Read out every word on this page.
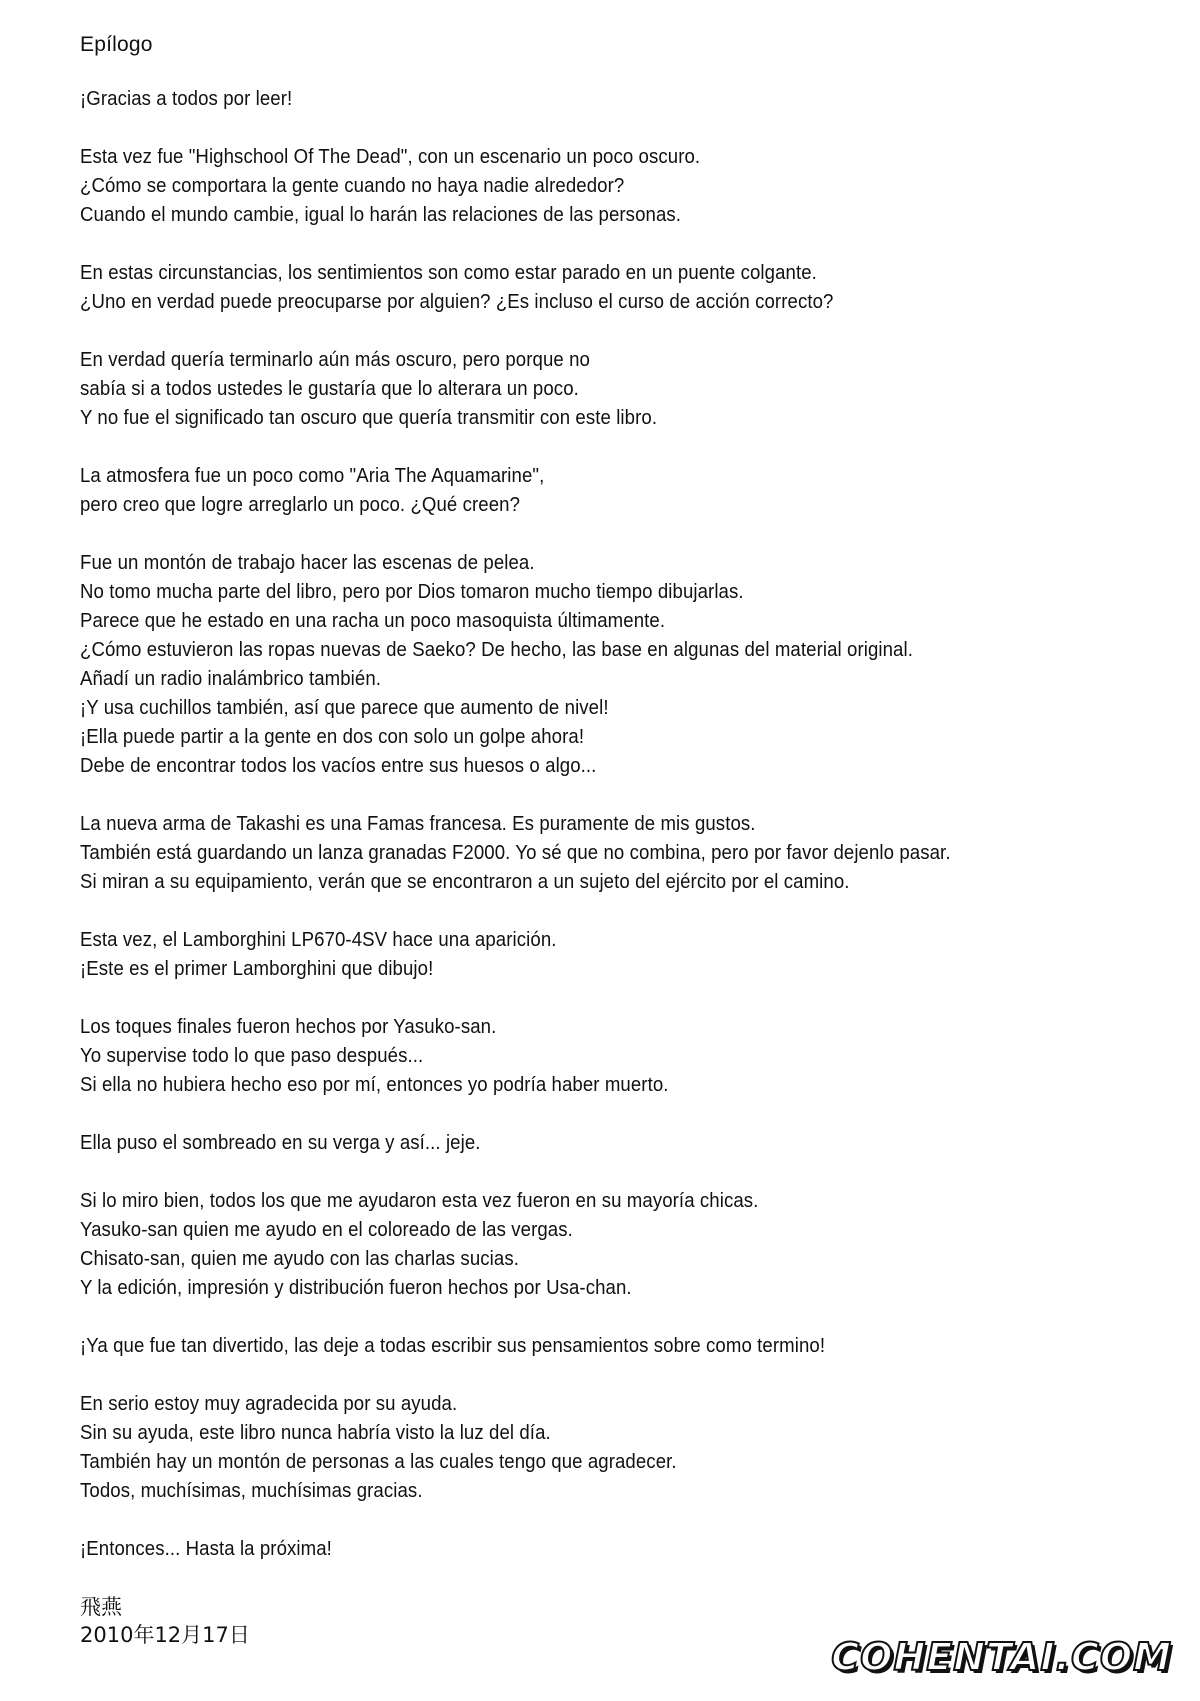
Epílogo
¡Gracias a todos por leer!
Esta vez fue "Highschool Of The Dead", con un escenario un poco oscuro.
¿Cómo se comportara la gente cuando no haya nadie alrededor?
Cuando el mundo cambie, igual lo harán las relaciones de las personas.
En estas circunstancias, los sentimientos son como estar parado en un puente colgante.
¿Uno en verdad puede preocuparse por alguien? ¿Es incluso el curso de acción correcto?
En verdad quería terminarlo aún más oscuro, pero porque no
sabía si a todos ustedes le gustaría que lo alterara un poco.
Y no fue el significado tan oscuro que quería transmitir con este libro.
La atmosfera fue un poco como "Aria The Aquamarine",
pero creo que logre arreglarlo un poco. ¿Qué creen?
Fue un montón de trabajo hacer las escenas de pelea.
No tomo mucha parte del libro, pero por Dios tomaron mucho tiempo dibujarlas.
Parece que he estado en una racha un poco masoquista últimamente.
¿Cómo estuvieron las ropas nuevas de Saeko? De hecho, las base en algunas del material original.
Añadí un radio inalámbrico también.
¡Y usa cuchillos también, así que parece que aumento de nivel!
¡Ella puede partir a la gente en dos con solo un golpe ahora!
Debe de encontrar todos los vacíos entre sus huesos o algo...
La nueva arma de Takashi es una Famas francesa. Es puramente de mis gustos.
También está guardando un lanza granadas F2000. Yo sé que no combina, pero por favor dejenlo pasar.
Si miran a su equipamiento, verán que se encontraron a un sujeto del ejército por el camino.
Esta vez, el Lamborghini LP670-4SV hace una aparición.
¡Este es el primer Lamborghini que dibujo!
Los toques finales fueron hechos por Yasuko-san.
Yo supervise todo lo que paso después...
Si ella no hubiera hecho eso por mí, entonces yo podría haber muerto.
Ella puso el sombreado en su verga y así... jeje.
Si lo miro bien, todos los que me ayudaron esta vez fueron en su mayoría chicas.
Yasuko-san quien me ayudo en el coloreado de las vergas.
Chisato-san, quien me ayudo con las charlas sucias.
Y la edición, impresión y distribución fueron hechos por Usa-chan.
¡Ya que fue tan divertido, las deje a todas escribir sus pensamientos sobre como termino!
En serio estoy muy agradecida por su ayuda.
Sin su ayuda, este libro nunca habría visto la luz del día.
También hay un montón de personas a las cuales tengo que agradecer.
Todos, muchísimas, muchísimas gracias.
¡Entonces... Hasta la próxima!
飛燕
2010年12月17日	COHENTAI.COM
